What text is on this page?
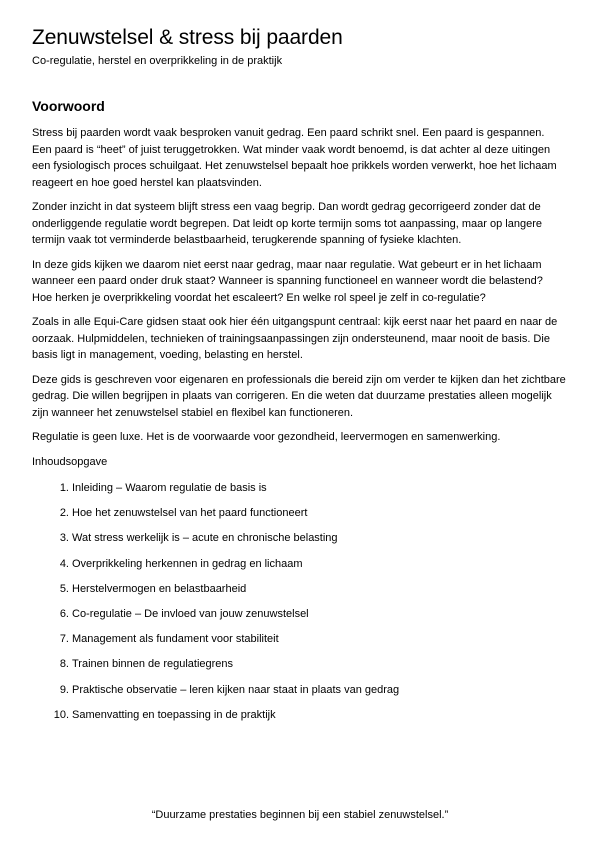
Zenuwstelsel & stress bij paarden

Co-regulatie, herstel en overprikkeling in de praktijk

Voorwoord

Stress bij paarden wordt vaak besproken vanuit gedrag. Een paard schrikt snel. Een paard is gespannen. Een paard is “heet” of juist teruggetrokken. Wat minder vaak wordt benoemd, is dat achter al deze uitingen een fysiologisch proces schuilgaat. Het zenuwstelsel bepaalt hoe prikkels worden verwerkt, hoe het lichaam reageert en hoe goed herstel kan plaatsvinden.

Zonder inzicht in dat systeem blijft stress een vaag begrip. Dan wordt gedrag gecorrigeerd zonder dat de onderliggende regulatie wordt begrepen. Dat leidt op korte termijn soms tot aanpassing, maar op langere termijn vaak tot verminderde belastbaarheid, terugkerende spanning of fysieke klachten.

In deze gids kijken we daarom niet eerst naar gedrag, maar naar regulatie. Wat gebeurt er in het lichaam wanneer een paard onder druk staat? Wanneer is spanning functioneel en wanneer wordt die belastend? Hoe herken je overprikkeling voordat het escaleert? En welke rol speel je zelf in co-regulatie?

Zoals in alle Equi-Care gidsen staat ook hier één uitgangspunt centraal: kijk eerst naar het paard en naar de oorzaak. Hulpmiddelen, technieken of trainingsaanpassingen zijn ondersteunend, maar nooit de basis. Die basis ligt in management, voeding, belasting en herstel.

Deze gids is geschreven voor eigenaren en professionals die bereid zijn om verder te kijken dan het zichtbare gedrag. Die willen begrijpen in plaats van corrigeren. En die weten dat duurzame prestaties alleen mogelijk zijn wanneer het zenuwstelsel stabiel en flexibel kan functioneren.

Regulatie is geen luxe. Het is de voorwaarde voor gezondheid, leervermogen en samenwerking.

Inhoudsopgave

1. Inleiding – Waarom regulatie de basis is
2. Hoe het zenuwstelsel van het paard functioneert
3. Wat stress werkelijk is – acute en chronische belasting
4. Overprikkeling herkennen in gedrag en lichaam
5. Herstelvermogen en belastbaarheid
6. Co-regulatie – De invloed van jouw zenuwstelsel
7. Management als fundament voor stabiliteit
8. Trainen binnen de regulatiegrens
9. Praktische observatie – leren kijken naar staat in plaats van gedrag
10. Samenvatting en toepassing in de praktijk

“Duurzame prestaties beginnen bij een stabiel zenuwstelsel.”
